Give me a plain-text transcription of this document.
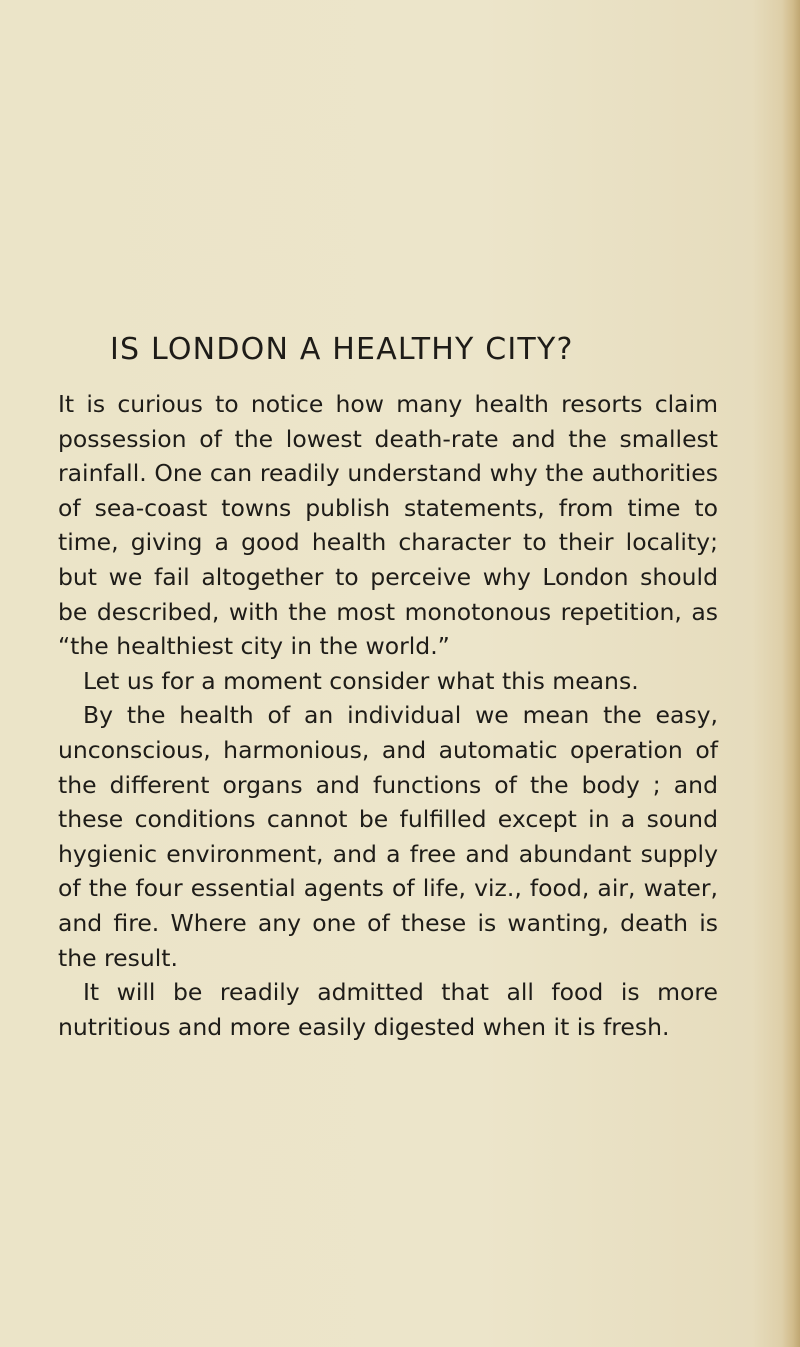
IS LONDON A HEALTHY CITY?

It is curious to notice how many health resorts claim possession of the lowest death-rate and the smallest rainfall. One can readily understand why the authorities of sea-coast towns publish statements, from time to time, giving a good health character to their locality; but we fail altogether to perceive why London should be described, with the most monotonous repetition, as “the healthiest city in the world.”

Let us for a moment consider what this means.

By the health of an individual we mean the easy, unconscious, harmonious, and automatic operation of the different organs and functions of the body ; and these conditions cannot be fulfilled except in a sound hygienic environment, and a free and abundant supply of the four essential agents of life, viz., food, air, water, and fire. Where any one of these is wanting, death is the result.

It will be readily admitted that all food is more nutritious and more easily digested when it is fresh.
